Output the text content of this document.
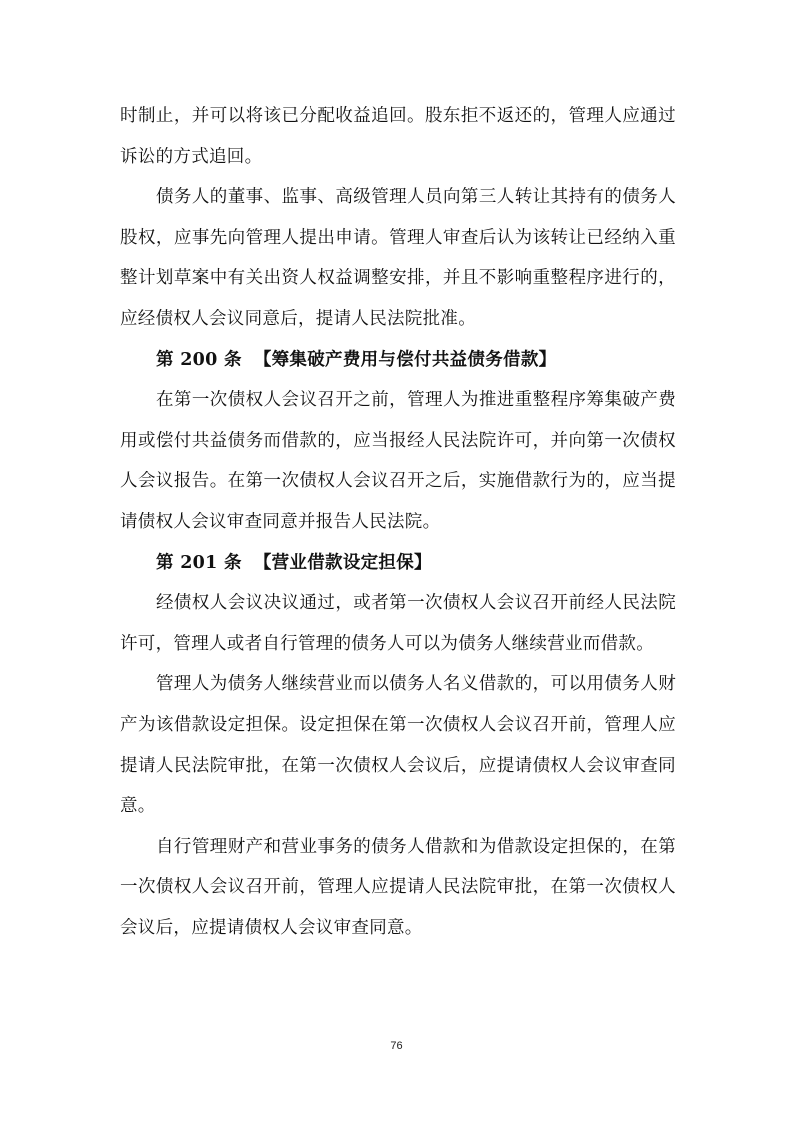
时制止，并可以将该已分配收益追回。股东拒不返还的，管理人应通过诉讼的方式追回。

债务人的董事、监事、高级管理人员向第三人转让其持有的债务人股权，应事先向管理人提出申请。管理人审查后认为该转让已经纳入重整计划草案中有关出资人权益调整安排，并且不影响重整程序进行的，应经债权人会议同意后，提请人民法院批准。

第 200 条 【筹集破产费用与偿付共益债务借款】

在第一次债权人会议召开之前，管理人为推进重整程序筹集破产费用或偿付共益债务而借款的，应当报经人民法院许可，并向第一次债权人会议报告。在第一次债权人会议召开之后，实施借款行为的，应当提请债权人会议审查同意并报告人民法院。

第 201 条 【营业借款设定担保】

经债权人会议决议通过，或者第一次债权人会议召开前经人民法院许可，管理人或者自行管理的债务人可以为债务人继续营业而借款。

管理人为债务人继续营业而以债务人名义借款的，可以用债务人财产为该借款设定担保。设定担保在第一次债权人会议召开前，管理人应提请人民法院审批，在第一次债权人会议后，应提请债权人会议审查同意。

自行管理财产和营业事务的债务人借款和为借款设定担保的，在第一次债权人会议召开前，管理人应提请人民法院审批，在第一次债权人会议后，应提请债权人会议审查同意。

76
